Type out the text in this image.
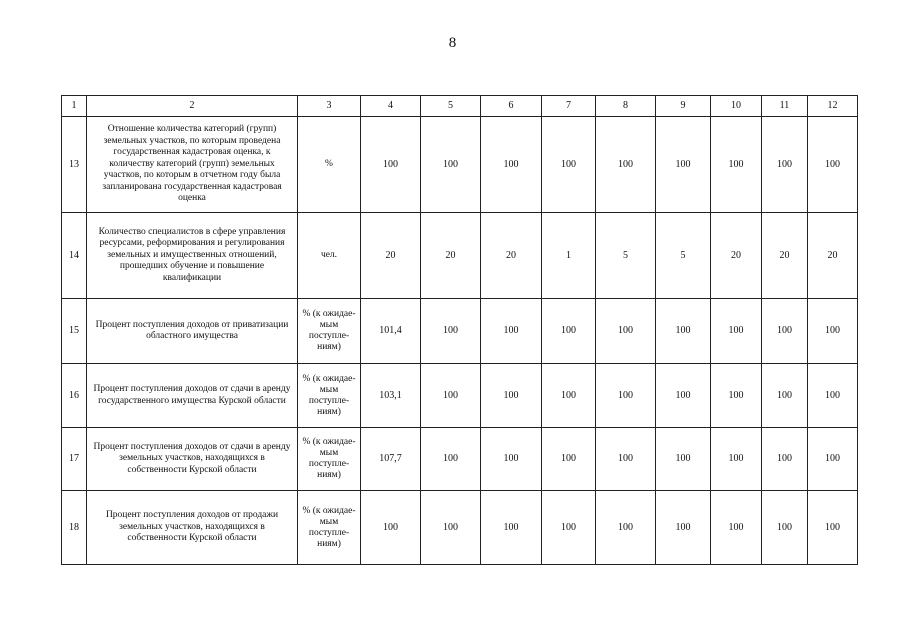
8
1	2	3	4	5	6	7	8	9	10	11	12
13	Отношение количества категорий (групп) земельных участков, по которым проведена государственная кадастровая оценка, к количеству категорий (групп) земельных участков, по которым в отчетном году была запланирована государственная кадастровая оценка	%	100	100	100	100	100	100	100	100	100
14	Количество специалистов в сфере управления ресурсами, реформирования и регулирования земельных и имущественных отношений, прошедших обучение и повышение квалификации	чел.	20	20	20	1	5	5	20	20	20
15	Процент поступления доходов от приватизации областного имущества	% (к ожидае-мым поступле-ниям)	101,4	100	100	100	100	100	100	100	100
16	Процент поступления доходов от сдачи в аренду государственного имущества Курской области	% (к ожидае-мым поступле-ниям)	103,1	100	100	100	100	100	100	100	100
17	Процент поступления доходов от сдачи в аренду земельных участков, находящихся в собственности Курской области	% (к ожидае-мым поступле-ниям)	107,7	100	100	100	100	100	100	100	100
18	Процент поступления доходов от продажи земельных участков, находящихся в собственности Курской области	% (к ожидае-мым поступле-ниям)	100	100	100	100	100	100	100	100	100
